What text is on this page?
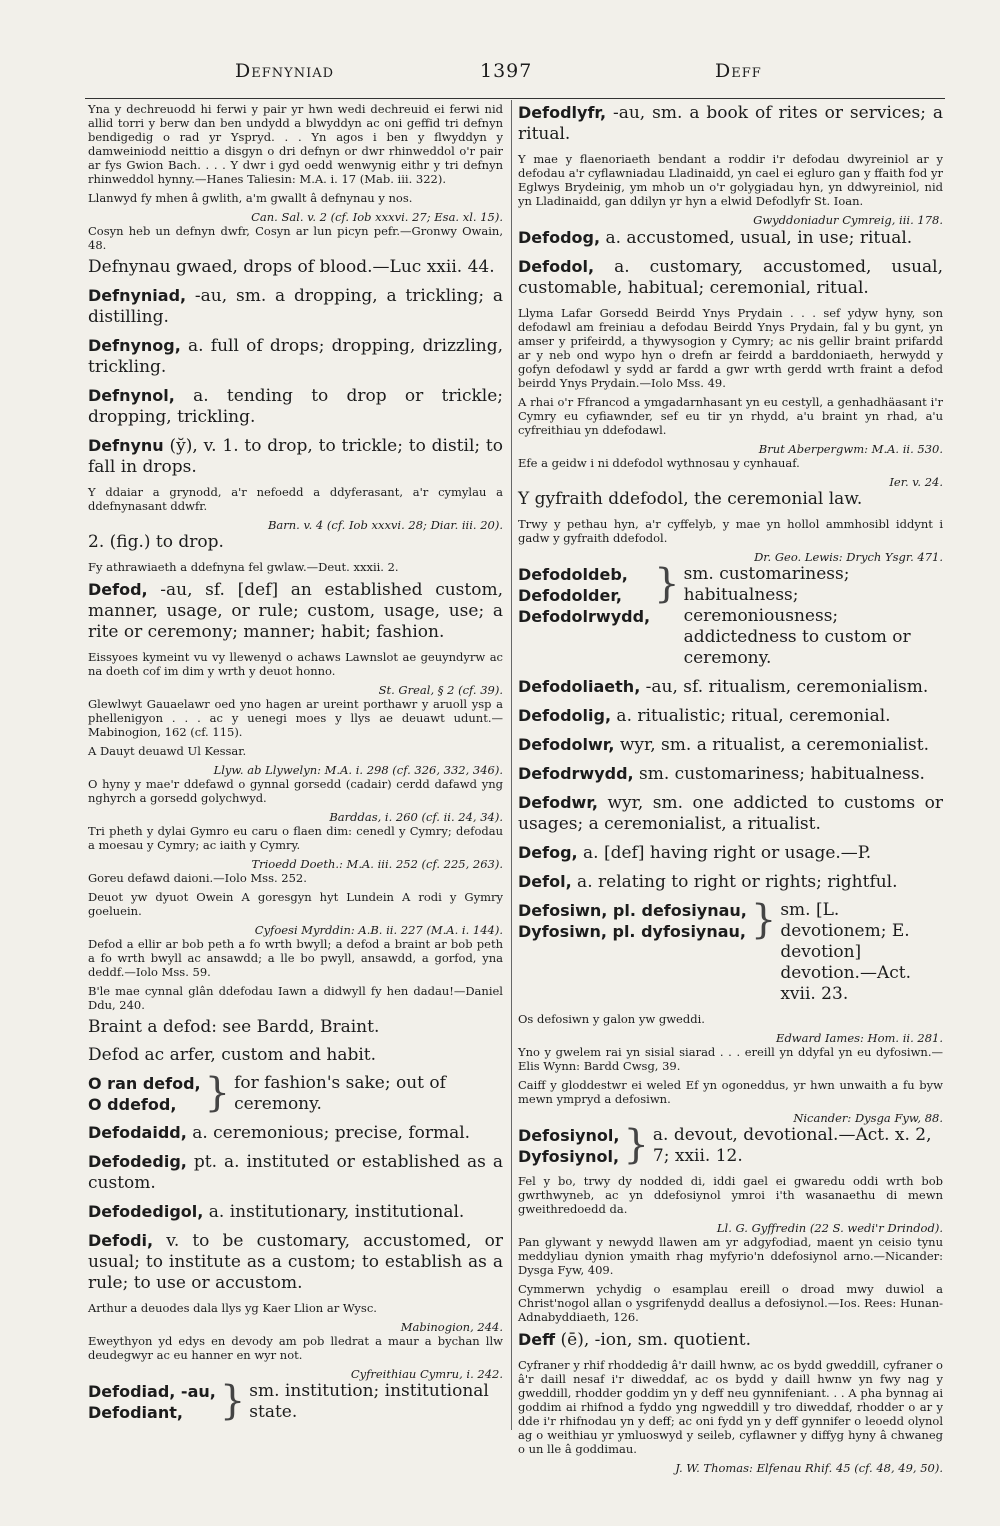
Defnyniad	1397	Deff
Yna y dechreuodd hi ferwi y pair yr hwn wedi dechreuid ei ferwi nid allid torri y berw dan ben undydd a blwyddyn ac oni geffid tri defnyn bendigedig o rad yr Yspryd. . . Yn agos i ben y flwyddyn y damweiniodd neittio a disgyn o dri defnyn or dwr rhinweddol o'r pair ar fys Gwion Bach. . . . Y dwr i gyd oedd wenwynig eithr y tri defnyn rhinweddol hynny.—Hanes Taliesin: M.A. i. 17 (Mab. iii. 322).
Llanwyd fy mhen â gwlith, a'm gwallt â defnynau y nos.
Can. Sal. v. 2 (cf. Iob xxxvi. 27; Esa. xl. 15).
Cosyn heb un defnyn dwfr, Cosyn ar lun picyn pefr.—Gronwy Owain, 48.
Defnynau gwaed, drops of blood.—Luc xxii. 44.
Defnyniad, -au, sm. a dropping, a trickling; a distilling.
Defnynog, a. full of drops; dropping, drizzling, trickling.
Defnynol, a. tending to drop or trickle; dropping, trickling.
Defnynu (y̆), v. 1. to drop, to trickle; to distil; to fall in drops.
Y ddaiar a grynodd, a'r nefoedd a ddyferasant, a'r cymylau a ddefnynasant ddwfr.
Barn. v. 4 (cf. Iob xxxvi. 28; Diar. iii. 20).
2. (fig.) to drop.
Fy athrawiaeth a ddefnyna fel gwlaw.—Deut. xxxii. 2.
Defod, -au, sf. [def] an established custom, manner, usage, or rule; custom, usage, use; a rite or ceremony; manner; habit; fashion.
Eissyoes kymeint vu vy llewenyd o achaws Lawnslot ae geuyndyrw ac na doeth cof im dim y wrth y deuot honno.
St. Greal, § 2 (cf. 39).
Glewlwyt Gauaelawr oed yno hagen ar ureint porthawr y aruoll ysp a phellenigyon . . . ac y uenegi moes y llys ae deuawt udunt.—Mabinogion, 162 (cf. 115).
A Dauyt deuawd Ul Kessar.
Llyw. ab Llywelyn: M.A. i. 298 (cf. 326, 332, 346).
O hyny y mae'r ddefawd o gynnal gorsedd (cadair) cerdd dafawd yng nghyrch a gorsedd golychwyd.
Barddas, i. 260 (cf. ii. 24, 34).
Tri pheth y dylai Gymro eu caru o flaen dim: cenedl y Cymry; defodau a moesau y Cymry; ac iaith y Cymry.
Trioedd Doeth.: M.A. iii. 252 (cf. 225, 263).
Goreu defawd daioni.—Iolo Mss. 252.
Deuot yw dyuot Owein A goresgyn hyt Lundein A rodi y Gymry goeluein.
Cyfoesi Myrddin: A.B. ii. 227 (M.A. i. 144).
Defod a ellir ar bob peth a fo wrth bwyll; a defod a braint ar bob peth a fo wrth bwyll ac ansawdd; a lle bo pwyll, ansawdd, a gorfod, yna deddf.—Iolo Mss. 59.
B'le mae cynnal glân ddefodau Iawn a didwyll fy hen dadau!—Daniel Ddu, 240.
Braint a defod: see Bardd, Braint.
Defod ac arfer, custom and habit.
O ran defod,
O ddefod, } for fashion's sake; out of ceremony.
Defodaidd, a. ceremonious; precise, formal.
Defodedig, pt. a. instituted or established as a custom.
Defodedigol, a. institutionary, institutional.
Defodi, v. to be customary, accustomed, or usual; to institute as a custom; to establish as a rule; to use or accustom.
Arthur a deuodes dala llys yg Kaer Llion ar Wysc.
Mabinogion, 244.
Eweythyon yd edys en devody am pob lledrat a maur a bychan llw deudegwyr ac eu hanner en wyr not.
Cyfreithiau Cymru, i. 242.
Defodiad, -au,
Defodiant, } sm. institution; institutional state.
Defodlyfr, -au, sm. a book of rites or services; a ritual.
Y mae y flaenoriaeth bendant a roddir i'r defodau dwyreiniol ar y defodau a'r cyflawniadau Lladinaidd, yn cael ei egluro gan y ffaith fod yr Eglwys Brydeinig, ym mhob un o'r golygiadau hyn, yn ddwyreiniol, nid yn Lladinaidd, gan ddilyn yr hyn a elwid Defodlyfr St. Ioan.
Gwyddoniadur Cymreig, iii. 178.
Defodog, a. accustomed, usual, in use; ritual.
Defodol, a. customary, accustomed, usual, customable, habitual; ceremonial, ritual.
Llyma Lafar Gorsedd Beirdd Ynys Prydain . . . sef ydyw hyny, son defodawl am freiniau a defodau Beirdd Ynys Prydain, fal y bu gynt, yn amser y prifeirdd, a thywysogion y Cymry; ac nis gellir braint prifardd ar y neb ond wypo hyn o drefn ar feirdd a barddoniaeth, herwydd y gofyn defodawl y sydd ar fardd a gwr wrth gerdd wrth fraint a defod beirdd Ynys Prydain.—Iolo Mss. 49.
A rhai o'r Ffrancod a ymgadarnhasant yn eu cestyll, a genhadhäasant i'r Cymry eu cyfiawnder, sef eu tir yn rhydd, a'u braint yn rhad, a'u cyfreithiau yn ddefodawl.
Brut Aberpergwm: M.A. ii. 530.
Efe a geidw i ni ddefodol wythnosau y cynhauaf.
Ier. v. 24.
Y gyfraith ddefodol, the ceremonial law.
Trwy y pethau hyn, a'r cyffelyb, y mae yn hollol ammhosibl iddynt i gadw y gyfraith ddefodol.
Dr. Geo. Lewis: Drych Ysgr. 471.
Defodoldeb,
Defodolder,
Defodolrwydd,
} sm. customariness; habitualness; ceremoniousness; addictedness to custom or ceremony.
Defodoliaeth, -au, sf. ritualism, ceremonialism.
Defodolig, a. ritualistic; ritual, ceremonial.
Defodolwr, wyr, sm. a ritualist, a ceremonialist.
Defodrwydd, sm. customariness; habitualness.
Defodwr, wyr, sm. one addicted to customs or usages; a ceremonialist, a ritualist.
Defog, a. [def] having right or usage.—P.
Defol, a. relating to right or rights; rightful.
Defosiwn, pl. defosiynau,
Dyfosiwn, pl. dyfosiynau, } sm. [L. devotionem; E. devotion] devotion.—Act. xvii. 23.
Os defosiwn y galon yw gweddi.
Edward Iames: Hom. ii. 281.
Yno y gwelem rai yn sisial siarad . . . ereill yn ddyfal yn eu dyfosiwn.—Elis Wynn: Bardd Cwsg, 39.
Caiff y gloddestwr ei weled Ef yn ogoneddus, yr hwn unwaith a fu byw mewn ympryd a defosiwn.
Nicander: Dysga Fyw, 88.
Defosiynol,
Dyfosiynol, } a. devout, devotional.—Act. x. 2, 7; xxii. 12.
Fel y bo, trwy dy nodded di, iddi gael ei gwaredu oddi wrth bob gwrthwyneb, ac yn ddefosiynol ymroi i'th wasanaethu di mewn gweithredoedd da.
Ll. G. Gyffredin (22 S. wedi'r Drindod).
Pan glywant y newydd llawen am yr adgyfodiad, maent yn ceisio tynu meddyliau dynion ymaith rhag myfyrio'n ddefosiynol arno.—Nicander: Dysga Fyw, 409.
Cymmerwn ychydig o esamplau ereill o droad mwy duwiol a Christ'nogol allan o ysgrifenydd deallus a defosiynol.—Ios. Rees: Hunan-Adnabyddiaeth, 126.
Deff (ē), -ion, sm. quotient.
Cyfraner y rhif rhoddedig â'r daill hwnw, ac os bydd gweddill, cyfraner o â'r daill nesaf i'r diweddaf, ac os bydd y daill hwnw yn fwy nag y gweddill, rhodder goddim yn y deff neu gynnifeniant. . . A pha bynnag ai goddim ai rhifnod a fyddo yng ngweddill y tro diweddaf, rhodder o ar y dde i'r rhifnodau yn y deff; ac oni fydd yn y deff gynnifer o leoedd olynol ag o weithiau yr ymluoswyd y seileb, cyflawner y diffyg hyny â chwaneg o un lle â goddimau.
J. W. Thomas: Elfenau Rhif. 45 (cf. 48, 49, 50).
